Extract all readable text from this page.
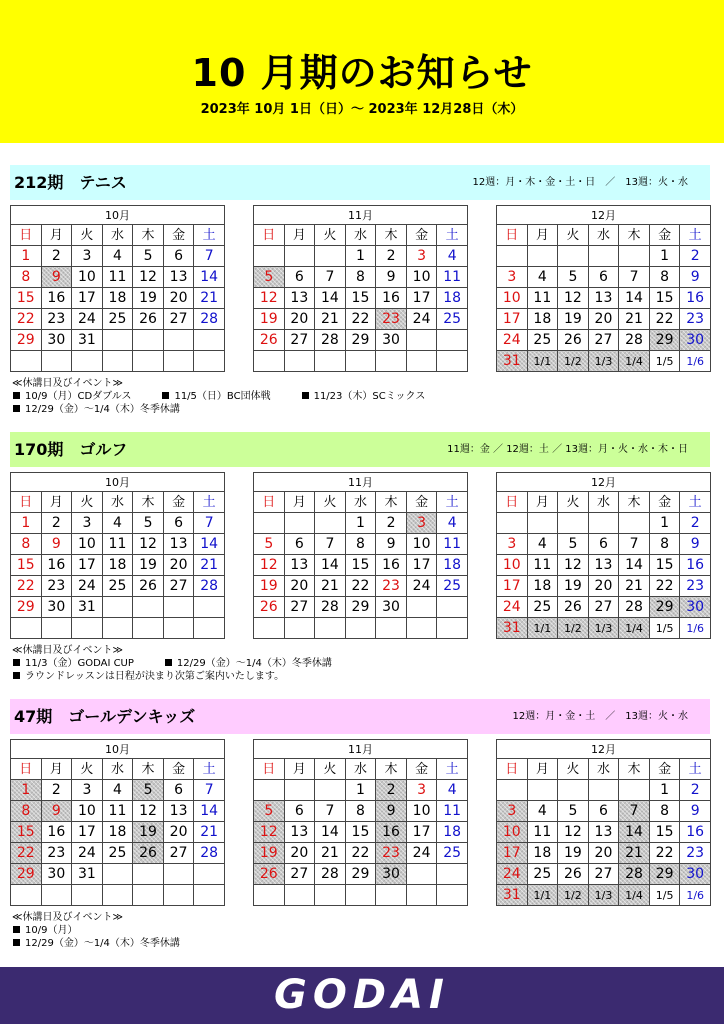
10 月期のお知らせ
2023年 10月 1日（日）～ 2023年 12月28日（木）
212期　テニス	12週：月・木・金・土・日　／　13週：火・水
10月						
日	月	火	水	木	金	土
1	2	3	4	5	6	7
8	9	10	11	12	13	14
15	16	17	18	19	20	21
22	23	24	25	26	27	28
29	30	31				

11月						
日	月	火	水	木	金	土
			1	2	3	4
5	6	7	8	9	10	11
12	13	14	15	16	17	18
19	20	21	22	23	24	25
26	27	28	29	30		

12月						
日	月	火	水	木	金	土
					1	2
3	4	5	6	7	8	9
10	11	12	13	14	15	16
17	18	19	20	21	22	23
24	25	26	27	28	29	30
31	1/1	1/2	1/3	1/4	1/5	1/6
≪休講日及びイベント≫
10/9（月）CDダブルス	11/5（日）BC団体戦	11/23（木）SCミックス
12/29（金）～1/4（木）冬季休講
170期　ゴルフ	11週：金 ／ 12週：土 ／ 13週：月・火・水・木・日
10月						
日	月	火	水	木	金	土
1	2	3	4	5	6	7
8	9	10	11	12	13	14
15	16	17	18	19	20	21
22	23	24	25	26	27	28
29	30	31				

11月						
日	月	火	水	木	金	土
			1	2	3	4
5	6	7	8	9	10	11
12	13	14	15	16	17	18
19	20	21	22	23	24	25
26	27	28	29	30		

12月						
日	月	火	水	木	金	土
					1	2
3	4	5	6	7	8	9
10	11	12	13	14	15	16
17	18	19	20	21	22	23
24	25	26	27	28	29	30
31	1/1	1/2	1/3	1/4	1/5	1/6
≪休講日及びイベント≫
11/3（金）GODAI CUP	12/29（金）～1/4（木）冬季休講
ラウンドレッスンは日程が決まり次第ご案内いたします。
47期　ゴールデンキッズ	12週：月・金・土　／　13週：火・水
10月						
日	月	火	水	木	金	土
1	2	3	4	5	6	7
8	9	10	11	12	13	14
15	16	17	18	19	20	21
22	23	24	25	26	27	28
29	30	31				

11月						
日	月	火	水	木	金	土
			1	2	3	4
5	6	7	8	9	10	11
12	13	14	15	16	17	18
19	20	21	22	23	24	25
26	27	28	29	30		

12月						
日	月	火	水	木	金	土
					1	2
3	4	5	6	7	8	9
10	11	12	13	14	15	16
17	18	19	20	21	22	23
24	25	26	27	28	29	30
31	1/1	1/2	1/3	1/4	1/5	1/6
≪休講日及びイベント≫
10/9（月）
12/29（金）～1/4（木）冬季休講
GODAI
